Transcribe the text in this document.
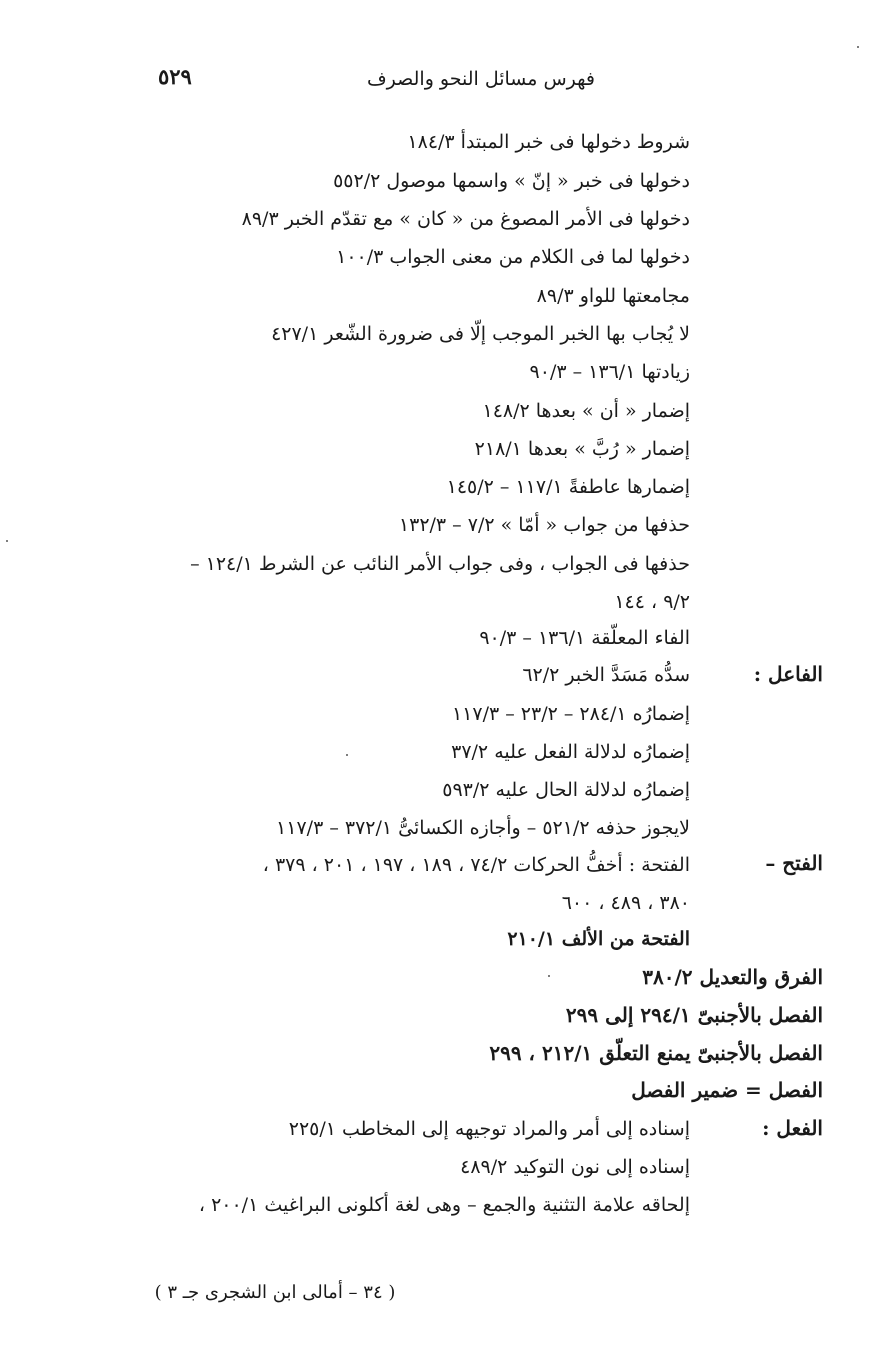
فهرس مسائل النحو والصرف
٥٢٩
شروط دخولها فى خبر المبتدأ ١٨٤/٣
دخولها فى خبر « إنّ » واسمها موصول ٥٥٢/٢
دخولها فى الأمر المصوغ من « كان » مع تقدّم الخبر ٨٩/٣
دخولها لما فى الكلام من معنى الجواب ١٠٠/٣
مجامعتها للواو ٨٩/٣
لا يُجاب بها الخبر الموجب إلّا فى ضرورة الشّعر ٤٢٧/١
زيادتها ١٣٦/١ – ٩٠/٣
إضمار « أن » بعدها ١٤٨/٢
إضمار « رُبَّ » بعدها ٢١٨/١
إضمارها عاطفةً ١١٧/١ – ١٤٥/٢
حذفها من جواب « أمّا » ٧/٢ – ١٣٢/٣
حذفها فى الجواب ، وفى جواب الأمر النائب عن الشرط ١٢٤/١ –
٩/٢ ، ١٤٤
الفاء المعلّقة ١٣٦/١ – ٩٠/٣
الفاعل :
سدُّه مَسَدَّ الخبر ٦٢/٢
إضمارُه ٢٨٤/١ – ٢٣/٢ – ١١٧/٣
إضمارُه لدلالة الفعل عليه ٣٧/٢
إضمارُه لدلالة الحال عليه ٥٩٣/٢
لايجوز حذفه ٥٢١/٢ – وأجازه الكسائىُّ ٣٧٢/١ – ١١٧/٣
الفتح –
الفتحة : أخفُّ الحركات ٧٤/٢ ، ١٨٩ ، ١٩٧ ، ٢٠١ ، ٣٧٩ ،
٣٨٠ ، ٤٨٩ ، ٦٠٠
الفتحة من الألف ٢١٠/١
الفرق والتعديل ٣٨٠/٢
الفصل بالأجنبىّ ٢٩٤/١ إلى ٢٩٩
الفصل بالأجنبىّ يمنع التعلّق ٢١٢/١ ، ٢٩٩
الفصل = ضمير الفصل
الفعل :
إسناده إلى أمر والمراد توجيهه إلى المخاطب ٢٢٥/١
إسناده إلى نون التوكيد ٤٨٩/٢
إلحاقه علامة التثنية والجمع – وهى لغة أكلونى البراغيث ٢٠٠/١ ،
( ٣٤ – أمالى ابن الشجرى جـ ٣ )
